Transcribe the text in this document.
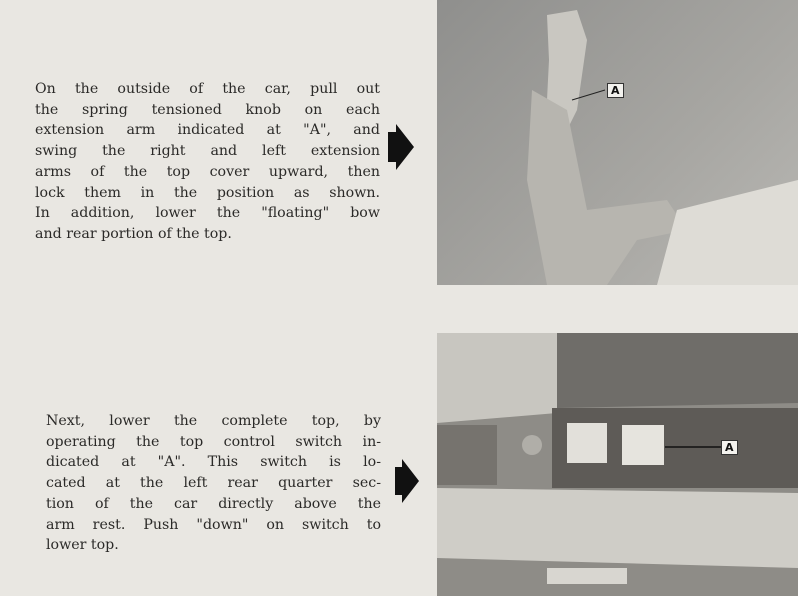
On the outside of the car, pull out
the spring tensioned knob on each
extension arm indicated at "A", and
swing the right and left extension
arms of the top cover upward, then
lock them in the position as shown.
In addition, lower the "floating" bow
and rear portion of the top.
A
Next, lower the complete top, by
operating the top control switch in-
dicated at "A". This switch is lo-
cated at the left rear quarter sec-
tion of the car directly above the
arm rest. Push "down" on switch to
lower top.
A
